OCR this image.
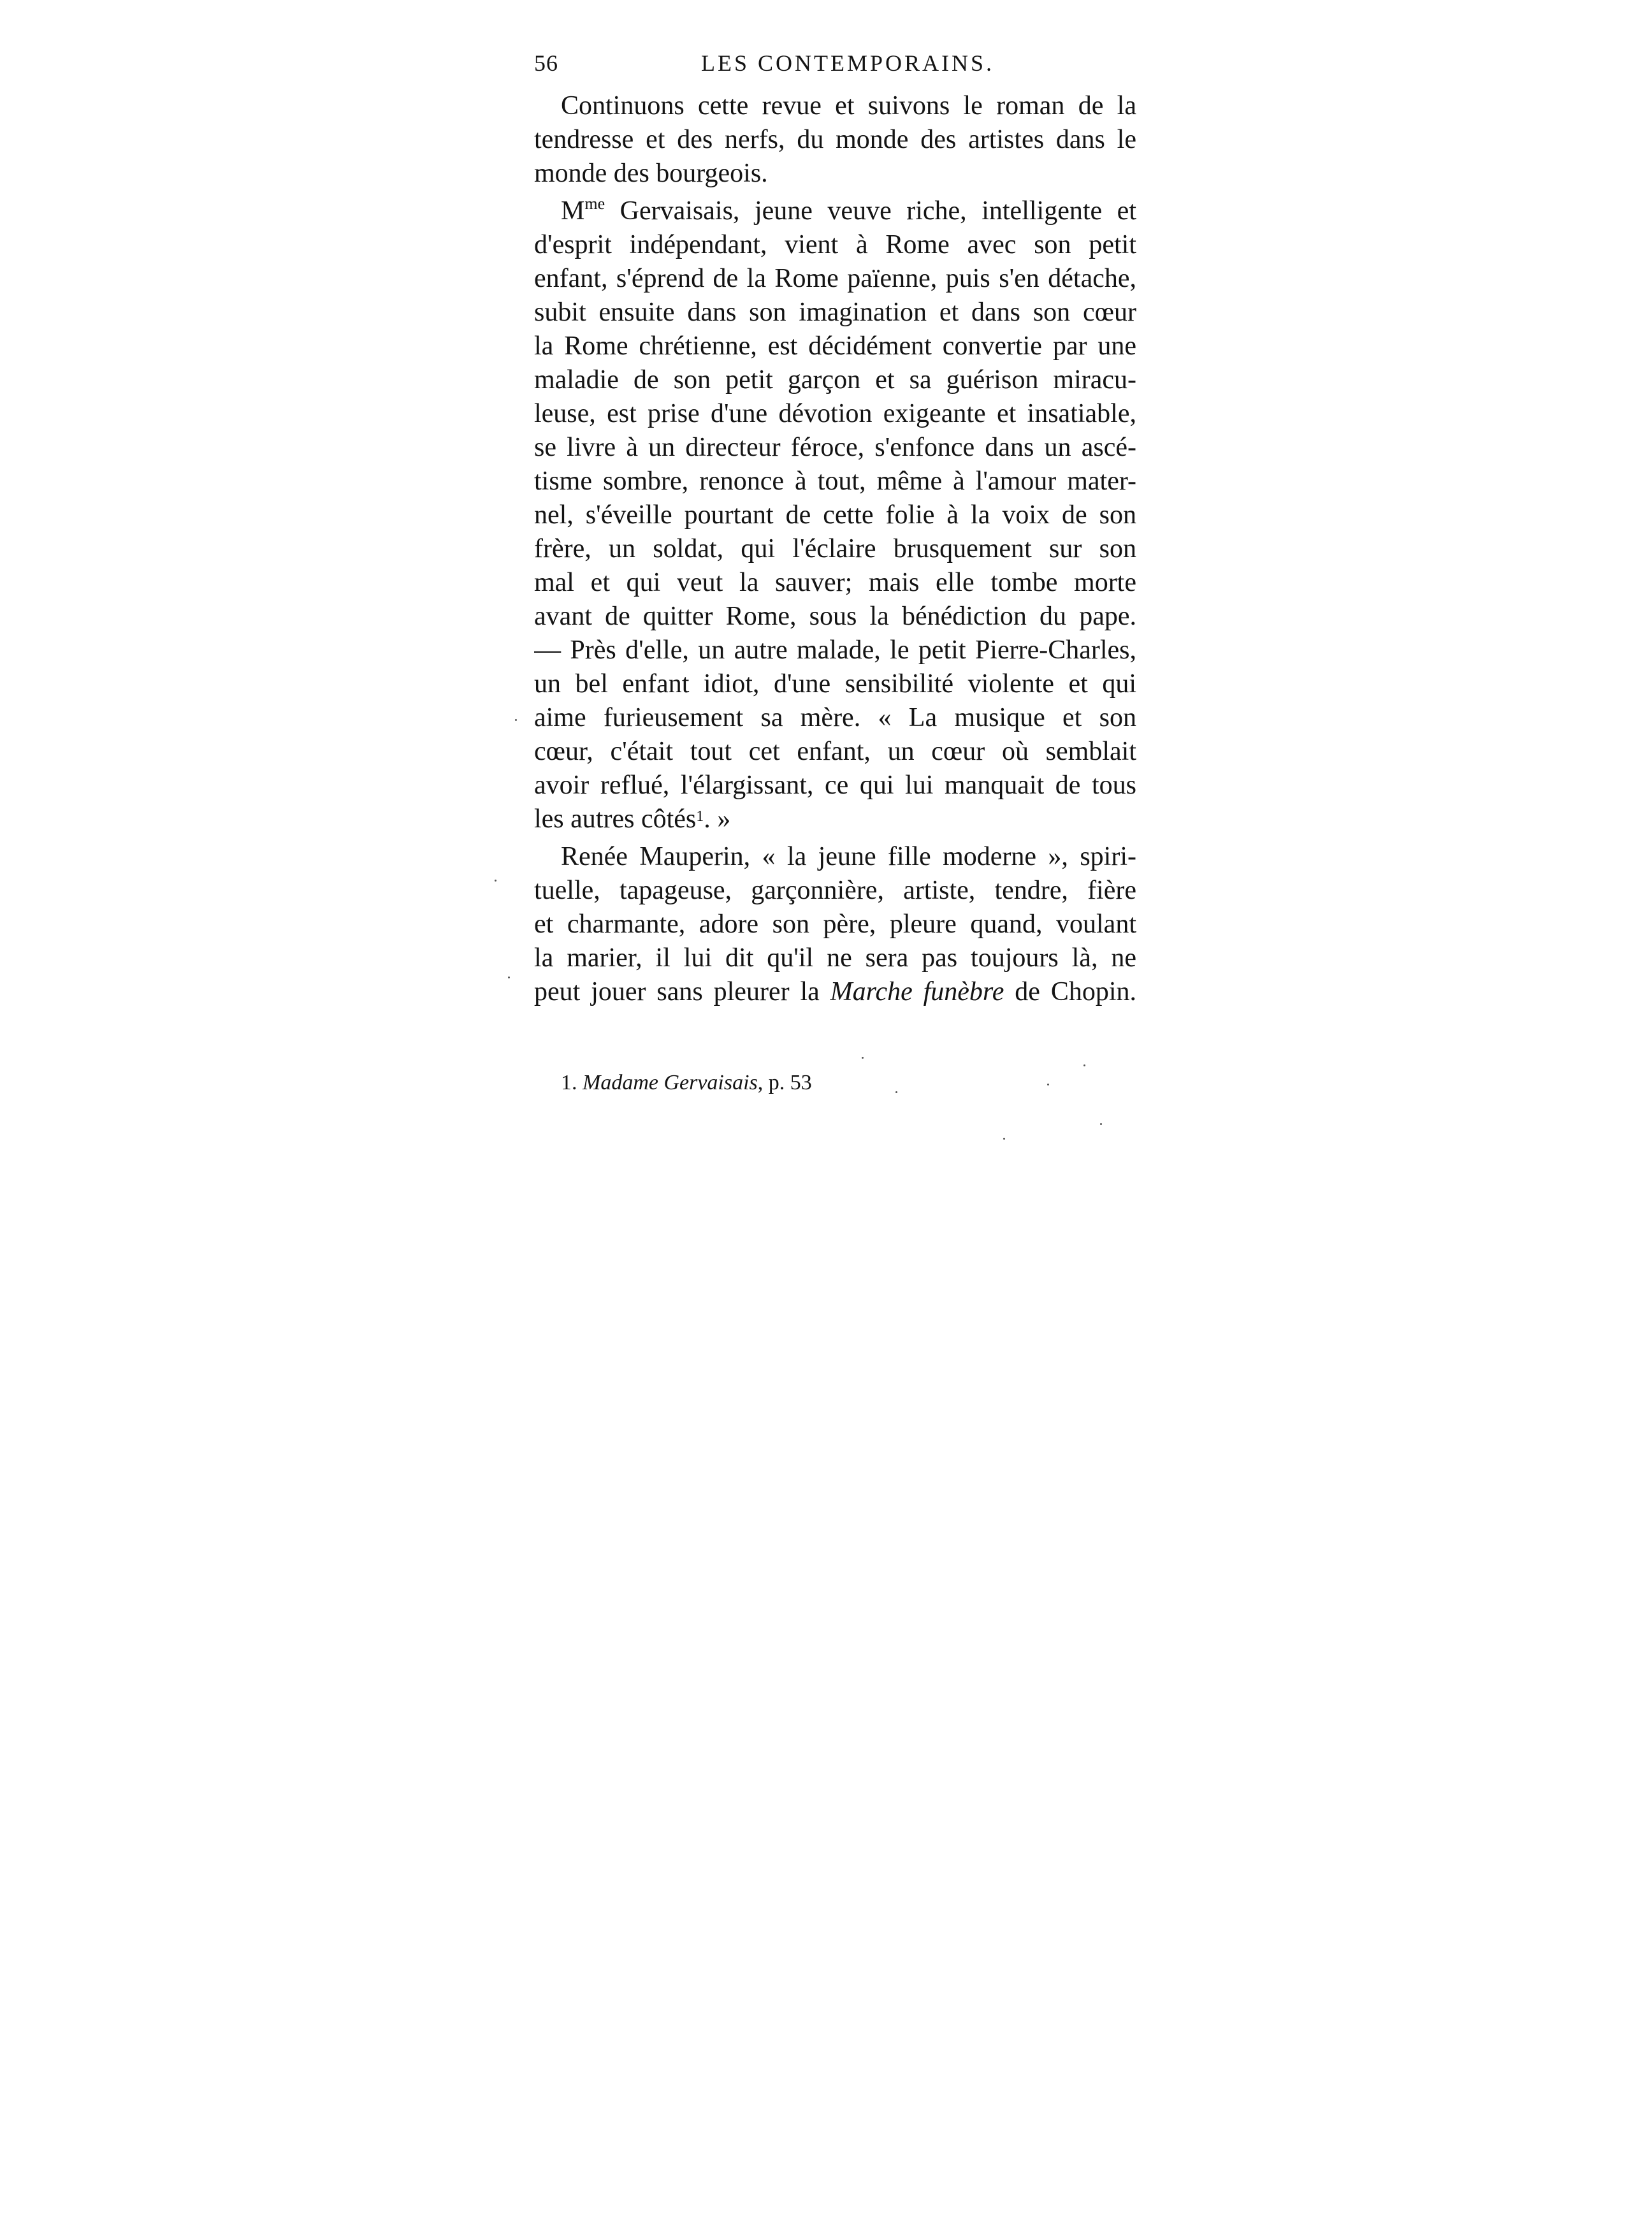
56	LES CONTEMPORAINS.
Continuons cette revue et suivons le roman de la
tendresse et des nerfs, du monde des artistes dans le
monde des bourgeois.
$M^{me}$ Gervaisais, jeune veuve riche, intelligente et
d'esprit indépendant, vient à Rome avec son petit
enfant, s'éprend de la Rome païenne, puis s'en détache,
subit ensuite dans son imagination et dans son cœur
la Rome chrétienne, est décidément convertie par une
maladie de son petit garçon et sa guérison miracu-
leuse, est prise d'une dévotion exigeante et insatiable,
se livre à un directeur féroce, s'enfonce dans un ascé-
tisme sombre, renonce à tout, même à l'amour mater-
nel, s'éveille pourtant de cette folie à la voix de son
frère, un soldat, qui l'éclaire brusquement sur son
mal et qui veut la sauver; mais elle tombe morte
avant de quitter Rome, sous la bénédiction du pape.
— Près d'elle, un autre malade, le petit Pierre-Charles,
un bel enfant idiot, d'une sensibilité violente et qui
aime furieusement sa mère. « La musique et son
cœur, c'était tout cet enfant, un cœur où semblait
avoir reflué, l'élargissant, ce qui lui manquait de tous
les autres côtés$^1$. »
Renée Mauperin, « la jeune fille moderne », spiri-
tuelle, tapageuse, garçonnière, artiste, tendre, fière
et charmante, adore son père, pleure quand, voulant
la marier, il lui dit qu'il ne sera pas toujours là, ne
peut jouer sans pleurer la Marche funèbre de Chopin.
1. Madame Gervaisais, p. 53
